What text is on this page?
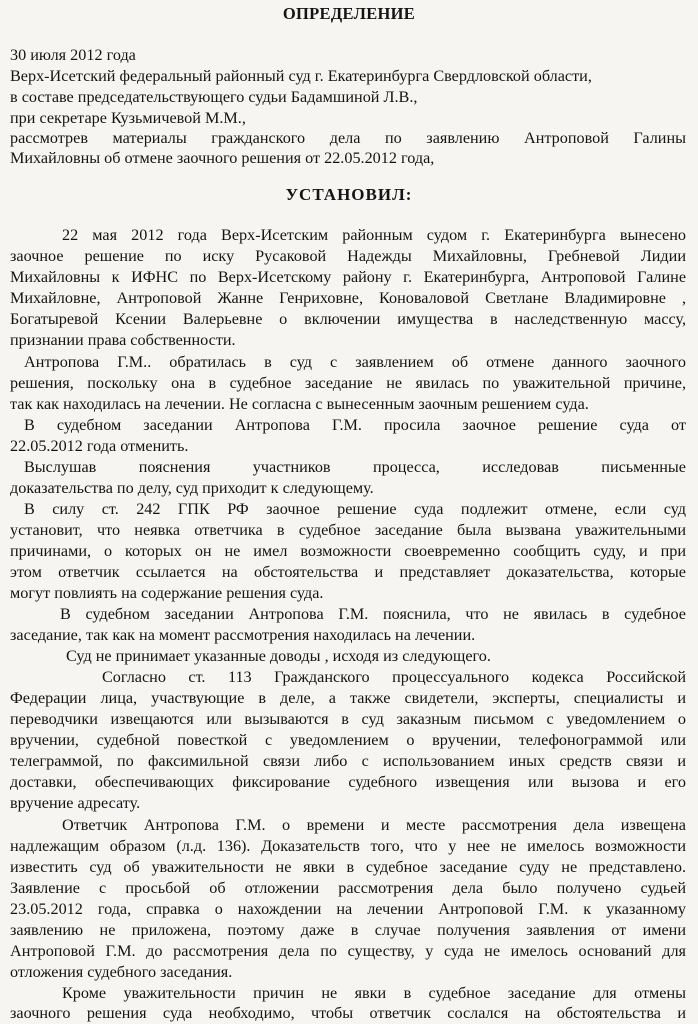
ОПРЕДЕЛЕНИЕ
30 июля 2012 года
Верх-Исетский федеральный районный суд г. Екатеринбурга Свердловской области,
в составе председательствующего судьи Бадамшиной Л.В.,
при секретаре Кузьмичевой М.М.,
рассмотрев материалы гражданского дела по заявлению Антроповой Галины
Михайловны об отмене заочного решения от 22.05.2012 года,
УСТАНОВИЛ:
22 мая 2012 года Верх-Исетским районным судом г. Екатеринбурга вынесено
заочное решение по иску Русаковой Надежды Михайловны, Гребневой Лидии
Михайловны к ИФНС по Верх-Исетскому району г. Екатеринбурга, Антроповой Галине
Михайловне, Антроповой Жанне Генриховне, Коноваловой Светлане Владимировне ,
Богатыревой Ксении Валерьевне о включении имущества в наследственную массу,
признании права собственности.
Антропова Г.М.. обратилась в суд с заявлением об отмене данного заочного
решения, поскольку она в судебное заседание не явилась по уважительной причине,
так как находилась на лечении. Не согласна с вынесенным заочным решением суда.
В судебном заседании Антропова Г.М. просила заочное решение суда от
22.05.2012 года отменить.
Выслушав пояснения участников процесса, исследовав письменные
доказательства по делу, суд приходит к следующему.
В силу ст. 242 ГПК РФ заочное решение суда подлежит отмене, если суд
установит, что неявка ответчика в судебное заседание была вызвана уважительными
причинами, о которых он не имел возможности своевременно сообщить суду, и при
этом ответчик ссылается на обстоятельства и представляет доказательства, которые
могут повлиять на содержание решения суда.
В судебном заседании Антропова Г.М. пояснила, что не явилась в судебное
заседание, так как на момент рассмотрения находилась на лечении.
Суд не принимает указанные доводы , исходя из следующего.
Согласно ст. 113 Гражданского процессуального кодекса Российской
Федерации лица, участвующие в деле, а также свидетели, эксперты, специалисты и
переводчики извещаются или вызываются в суд заказным письмом с уведомлением о
вручении, судебной повесткой с уведомлением о вручении, телефонограммой или
телеграммой, по факсимильной связи либо с использованием иных средств связи и
доставки, обеспечивающих фиксирование судебного извещения или вызова и его
вручение адресату.
Ответчик Антропова Г.М. о времени и месте рассмотрения дела извещена
надлежащим образом (л.д. 136). Доказательств того, что у нее не имелось возможности
известить суд об уважительности не явки в судебное заседание суду не представлено.
Заявление с просьбой об отложении рассмотрения дела было получено судьей
23.05.2012 года, справка о нахождении на лечении Антроповой Г.М. к указанному
заявлению не приложена, поэтому даже в случае получения заявления от имени
Антроповой Г.М. до рассмотрения дела по существу, у суда не имелось оснований для
отложения судебного заседания.
Кроме уважительности причин не явки в судебное заседание для отмены
заочного решения суда необходимо, чтобы ответчик сослался на обстоятельства и
